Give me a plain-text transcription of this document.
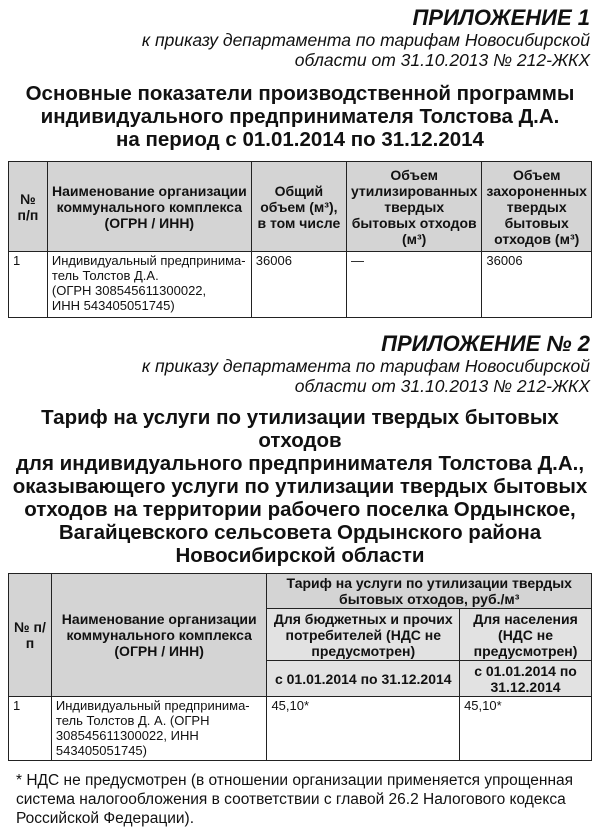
ПРИЛОЖЕНИЕ 1
к приказу департамента по тарифам Новосибирской
области от 31.10.2013 № 212-ЖКХ
Основные показатели производственной программы
индивидуального предпринимателя Толстова Д.А.
на период с 01.01.2014 по 31.12.2014
№ п/п	Наименование организации коммунального комплекса (ОГРН / ИНН)	Общий объем (м³), в том числе	Объем утилизированных твердых бытовых отходов (м³)	Объем захороненных твердых бытовых отходов (м³)
1	Индивидуальный предпринима-
тель Толстов Д.А.
(ОГРН 308545611300022,
ИНН 543405051745)	36006	—	36006
ПРИЛОЖЕНИЕ № 2
к приказу департамента по тарифам Новосибирской
области от 31.10.2013 № 212-ЖКХ
Тариф на услуги по утилизации твердых бытовых отходов
для индивидуального предпринимателя Толстова Д.А.,
оказывающего услуги по утилизации твердых бытовых
отходов на территории рабочего поселка Ордынское,
Вагайцевского сельсовета Ордынского района
Новосибирской области
№ п/п	Наименование организации коммунального комплекса (ОГРН / ИНН)	Тариф на услуги по утилизации твердых бытовых отходов, руб./м³	
		Для бюджетных и прочих потребителей (НДС не предусмотрен)	Для населения (НДС не предусмотрен)
		с 01.01.2014 по 31.12.2014	с 01.01.2014 по 31.12.2014
1	Индивидуальный предпринима-
тель Толстов Д. А. (ОГРН
308545611300022, ИНН
543405051745)	45,10*	45,10*
* НДС не предусмотрен (в отношении организации применяется упрощенная система налогообложения в соответствии с главой 26.2 Налогового кодекса Российской Федерации).
